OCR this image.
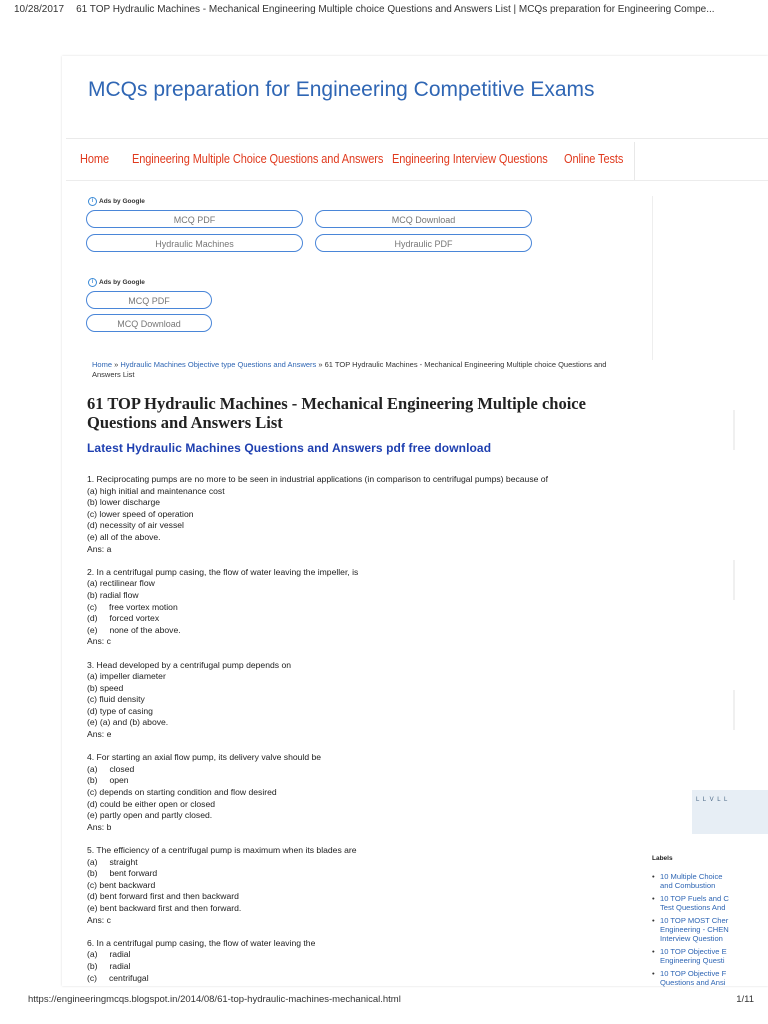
10/28/2017 61 TOP Hydraulic Machines - Mechanical Engineering Multiple choice Questions and Answers List | MCQs preparation for Engineering Compe...
https://engineeringmcqs.blogspot.in/2014/08/61-top-hydraulic-machines-mechanical.html	1/11
MCQs preparation for Engineering Competitive Exams
Home Engineering Multiple Choice Questions and Answers Engineering Interview Questions Online Tests
i Ads by Google
MCQ PDF	MCQ Download
Hydraulic Machines	Hydraulic PDF
i Ads by Google
MCQ PDF
MCQ Download
Home » Hydraulic Machines Objective type Questions and Answers » 61 TOP Hydraulic Machines - Mechanical Engineering Multiple choice Questions and Answers List
61 TOP Hydraulic Machines - Mechanical Engineering Multiple choice Questions and Answers List
Latest Hydraulic Machines Questions and Answers pdf free download
1. Reciprocating pumps are no more to be seen in industrial applications (in comparison to centrifugal pumps) because of
(a) high initial and maintenance cost
(b) lower discharge
(c) lower speed of operation
(d) necessity of air vessel
(e) all of the above.
Ans: a
2. In a centrifugal pump casing, the flow of water leaving the impeller, is
(a) rectilinear flow
(b) radial flow
(c)     free vortex motion
(d)     forced vortex
(e)     none of the above.
Ans: c
3. Head developed by a centrifugal pump depends on
(a) impeller diameter
(b) speed
(c) fluid density
(d) type of casing
(e) (a) and (b) above.
Ans: e
4. For starting an axial flow pump, its delivery valve should be
(a)     closed
(b)     open
(c) depends on starting condition and flow desired
(d) could be either open or closed
(e) partly open and partly closed.
Ans: b
5. The efficiency of a centrifugal pump is maximum when its blades are
(a)     straight
(b)     bent forward
(c) bent backward
(d) bent forward first and then backward
(e) bent backward first and then forward.
Ans: c
6. In a centrifugal pump casing, the flow of water leaving the
(a)     radial
(b)     radial
(c)     centrifugal
L L V L L
Labels
• 10 Multiple Choice
and Combustion
• 10 TOP Fuels and C
Test Questions And
• 10 TOP MOST Cher
Engineering - CHEN
Interview Question
• 10 TOP Objective E
Engineering Questi
• 10 TOP Objective F
Questions and Ansi
